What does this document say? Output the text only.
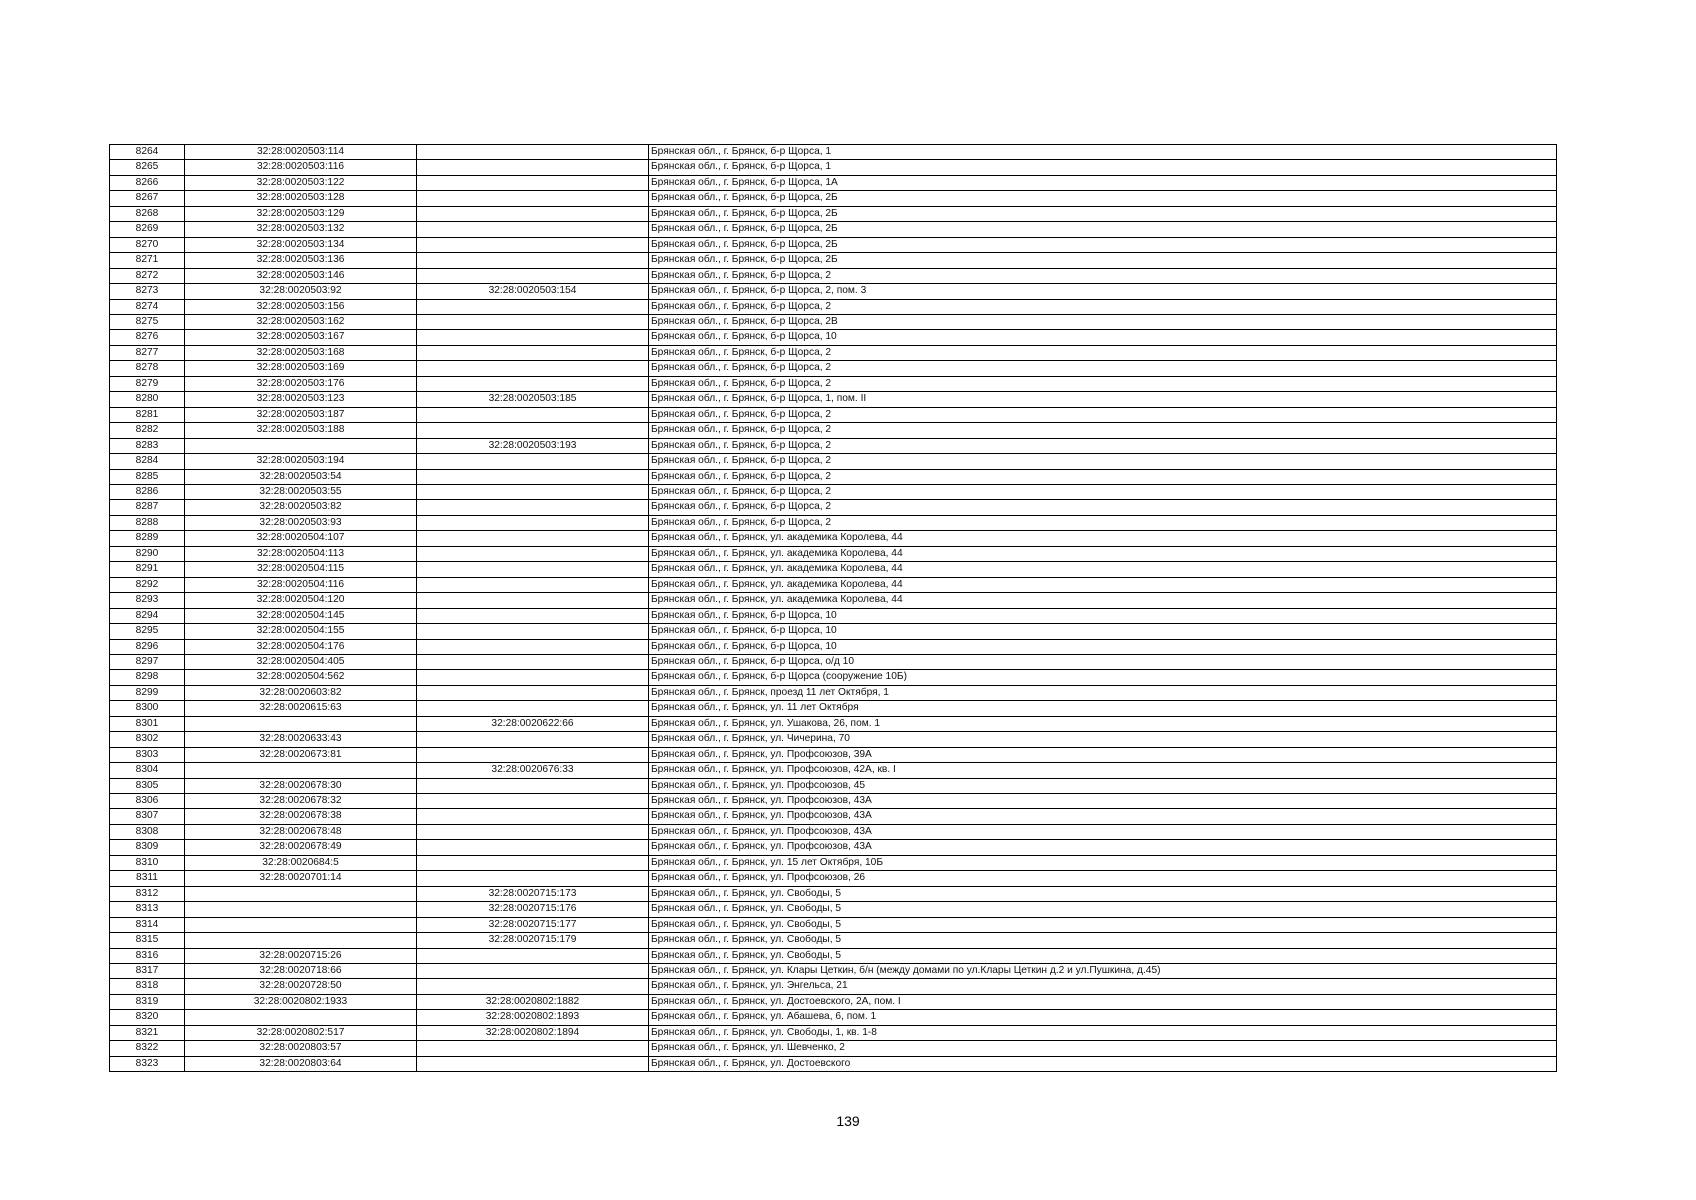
8264	32:28:0020503:114		Брянская обл., г. Брянск, б-р Щорса, 1
8265	32:28:0020503:116		Брянская обл., г. Брянск, б-р Щорса, 1
8266	32:28:0020503:122		Брянская обл., г. Брянск, б-р Щорса, 1А
8267	32:28:0020503:128		Брянская обл., г. Брянск, б-р Щорса, 2Б
8268	32:28:0020503:129		Брянская обл., г. Брянск, б-р Щорса, 2Б
8269	32:28:0020503:132		Брянская обл., г. Брянск, б-р Щорса, 2Б
8270	32:28:0020503:134		Брянская обл., г. Брянск, б-р Щорса, 2Б
8271	32:28:0020503:136		Брянская обл., г. Брянск, б-р Щорса, 2Б
8272	32:28:0020503:146		Брянская обл., г. Брянск, б-р Щорса, 2
8273	32:28:0020503:92	32:28:0020503:154	Брянская обл., г. Брянск, б-р Щорса, 2, пом. 3
8274	32:28:0020503:156		Брянская обл., г. Брянск, б-р Щорса, 2
8275	32:28:0020503:162		Брянская обл., г. Брянск, б-р Щорса, 2В
8276	32:28:0020503:167		Брянская обл., г. Брянск, б-р Щорса, 10
8277	32:28:0020503:168		Брянская обл., г. Брянск, б-р Щорса, 2
8278	32:28:0020503:169		Брянская обл., г. Брянск, б-р Щорса, 2
8279	32:28:0020503:176		Брянская обл., г. Брянск, б-р Щорса, 2
8280	32:28:0020503:123	32:28:0020503:185	Брянская обл., г. Брянск, б-р Щорса, 1, пом. II
8281	32:28:0020503:187		Брянская обл., г. Брянск, б-р Щорса, 2
8282	32:28:0020503:188		Брянская обл., г. Брянск, б-р Щорса, 2
8283		32:28:0020503:193	Брянская обл., г. Брянск, б-р Щорса, 2
8284	32:28:0020503:194		Брянская обл., г. Брянск, б-р Щорса, 2
8285	32:28:0020503:54		Брянская обл., г. Брянск, б-р Щорса, 2
8286	32:28:0020503:55		Брянская обл., г. Брянск, б-р Щорса, 2
8287	32:28:0020503:82		Брянская обл., г. Брянск, б-р Щорса, 2
8288	32:28:0020503:93		Брянская обл., г. Брянск, б-р Щорса, 2
8289	32:28:0020504:107		Брянская обл., г. Брянск, ул. академика Королева, 44
8290	32:28:0020504:113		Брянская обл., г. Брянск, ул. академика Королева, 44
8291	32:28:0020504:115		Брянская обл., г. Брянск, ул. академика Королева, 44
8292	32:28:0020504:116		Брянская обл., г. Брянск, ул. академика Королева, 44
8293	32:28:0020504:120		Брянская обл., г. Брянск, ул. академика Королева, 44
8294	32:28:0020504:145		Брянская обл., г. Брянск, б-р Щорса, 10
8295	32:28:0020504:155		Брянская обл., г. Брянск, б-р Щорса, 10
8296	32:28:0020504:176		Брянская обл., г. Брянск, б-р Щорса, 10
8297	32:28:0020504:405		Брянская обл., г. Брянск, б-р Щорса, о/д 10
8298	32:28:0020504:562		Брянская обл., г. Брянск, б-р Щорса (сооружение 10Б)
8299	32:28:0020603:82		Брянская обл., г. Брянск, проезд 11 лет Октября, 1
8300	32:28:0020615:63		Брянская обл., г. Брянск, ул. 11 лет Октября
8301		32:28:0020622:66	Брянская обл., г. Брянск, ул. Ушакова, 26, пом. 1
8302	32:28:0020633:43		Брянская обл., г. Брянск, ул. Чичерина, 70
8303	32:28:0020673:81		Брянская обл., г. Брянск, ул. Профсоюзов, 39А
8304		32:28:0020676:33	Брянская обл., г. Брянск, ул. Профсоюзов, 42А, кв. I
8305	32:28:0020678:30		Брянская обл., г. Брянск, ул. Профсоюзов, 45
8306	32:28:0020678:32		Брянская обл., г. Брянск, ул. Профсоюзов, 43А
8307	32:28:0020678:38		Брянская обл., г. Брянск, ул. Профсоюзов, 43А
8308	32:28:0020678:48		Брянская обл., г. Брянск, ул. Профсоюзов, 43А
8309	32:28:0020678:49		Брянская обл., г. Брянск, ул. Профсоюзов, 43А
8310	32:28:0020684:5		Брянская обл., г. Брянск, ул. 15 лет Октября, 10Б
8311	32:28:0020701:14		Брянская обл., г. Брянск, ул. Профсоюзов, 26
8312		32:28:0020715:173	Брянская обл., г. Брянск, ул. Свободы, 5
8313		32:28:0020715:176	Брянская обл., г. Брянск, ул. Свободы, 5
8314		32:28:0020715:177	Брянская обл., г. Брянск, ул. Свободы, 5
8315		32:28:0020715:179	Брянская обл., г. Брянск, ул. Свободы, 5
8316	32:28:0020715:26		Брянская обл., г. Брянск, ул. Свободы, 5
8317	32:28:0020718:66		Брянская обл., г. Брянск, ул. Клары Цеткин, б/н (между домами по ул.Клары Цеткин д.2 и ул.Пушкина, д.45)
8318	32:28:0020728:50		Брянская обл., г. Брянск, ул. Энгельса, 21
8319	32:28:0020802:1933	32:28:0020802:1882	Брянская обл., г. Брянск, ул. Достоевского, 2А, пом. I
8320		32:28:0020802:1893	Брянская обл., г. Брянск, ул. Абашева, 6, пом. 1
8321	32:28:0020802:517	32:28:0020802:1894	Брянская обл., г. Брянск, ул. Свободы, 1, кв. 1-8
8322	32:28:0020803:57		Брянская обл., г. Брянск, ул. Шевченко, 2
8323	32:28:0020803:64		Брянская обл., г. Брянск, ул. Достоевского
139
